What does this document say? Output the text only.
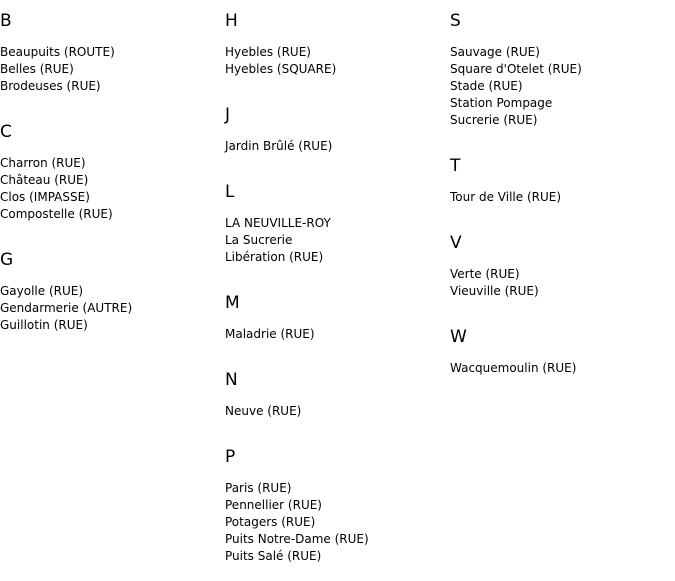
B
Beaupuits (ROUTE)
Belles (RUE)
Brodeuses (RUE)
C
Charron (RUE)
Château (RUE)
Clos (IMPASSE)
Compostelle (RUE)
G
Gayolle (RUE)
Gendarmerie (AUTRE)
Guillotin (RUE)
H
Hyebles (RUE)
Hyebles (SQUARE)
J
Jardin Brûlé (RUE)
L
LA NEUVILLE-ROY
La Sucrerie
Libération (RUE)
M
Maladrie (RUE)
N
Neuve (RUE)
P
Paris (RUE)
Pennellier (RUE)
Potagers (RUE)
Puits Notre-Dame (RUE)
Puits Salé (RUE)
S
Sauvage (RUE)
Square d'Otelet (RUE)
Stade (RUE)
Station Pompage
Sucrerie (RUE)
T
Tour de Ville (RUE)
V
Verte (RUE)
Vieuville (RUE)
W
Wacquemoulin (RUE)
